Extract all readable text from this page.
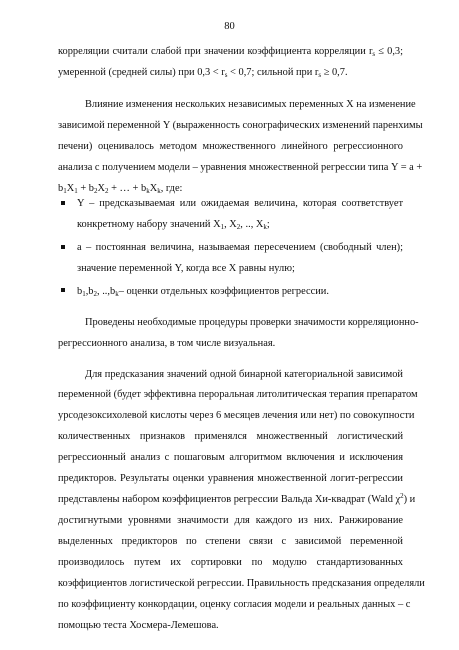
80
корреляции считали слабой при значении коэффициента корреляции $r_s \le 0,3$;
умеренной (средней силы) при $0,3 < r_s < 0,7$; сильной при $r_s \ge 0,7$.
Влияние изменения нескольких независимых переменных X на изменение
зависимой переменной Y (выраженность сонографических изменений паренхимы
печени) оценивалось методом множественного линейного регрессионного
анализа с получением модели – уравнения множественной регрессии типа Y = a +
$b_1X_1 + b_2X_2$ + … + $b_kX_k$, где:
Y – предсказываемая или ожидаемая величина, которая соответствует
конкретному набору значений $X_1$, $X_2$, .., $X_k$;
a – постоянная величина, называемая пересечением (свободный член);
значение переменной Y, когда все X равны нулю;
$b_1,b_2$, $..,b_k-$ оценки отдельных коэффициентов регрессии.
Проведены необходимые процедуры проверки значимости корреляционно-
регрессионного анализа, в том числе визуальная.
Для предсказания значений одной бинарной категориальной зависимой
переменной (будет эффективна пероральная литолитическая терапия препаратом
урсодезоксихолевой кислоты через 6 месяцев лечения или нет) по совокупности
количественных признаков применялся множественный логистический
регрессионный анализ с пошаговым алгоритмом включения и исключения
предикторов. Результаты оценки уравнения множественной логит-регрессии
представлены набором коэффициентов регрессии Вальда Хи-квадрат (Wald $\chi^2$) и
достигнутыми уровнями значимости для каждого из них. Ранжирование
выделенных предикторов по степени связи с зависимой переменной
производилось путем их сортировки по модулю стандартизованных
коэффициентов логистической регрессии. Правильность предсказания определяли
по коэффициенту конкордации, оценку согласия модели и реальных данных – с
помощью теста Хосмера-Лемешова.
